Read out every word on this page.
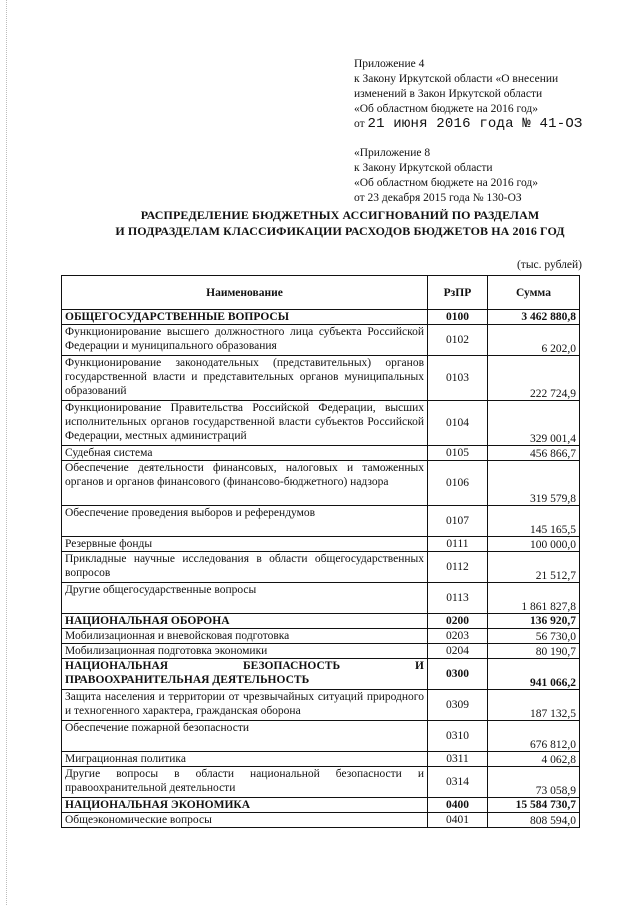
Приложение 4
к Закону Иркутской области «О внесении
изменений в Закон Иркутской области
«Об областном бюджете на 2016 год»
от 21 июня 2016 года № 41-ОЗ
«Приложение 8
к Закону Иркутской области
«Об областном бюджете на 2016 год»
от 23 декабря 2015 года № 130-ОЗ
РАСПРЕДЕЛЕНИЕ БЮДЖЕТНЫХ АССИГНОВАНИЙ ПО РАЗДЕЛАМ
И ПОДРАЗДЕЛАМ КЛАССИФИКАЦИИ РАСХОДОВ БЮДЖЕТОВ НА 2016 ГОД
(тыс. рублей)
Наименование	РзПР	Сумма
ОБЩЕГОСУДАРСТВЕННЫЕ ВОПРОСЫ	0100	3 462 880,8
Функционирование высшего должностного лица субъекта Российской Федерации и муниципального образования	0102	6 202,0
Функционирование законодательных (представительных) органов государственной власти и представительных органов муниципальных образований	0103	222 724,9
Функционирование Правительства Российской Федерации, высших исполнительных органов государственной власти субъектов Российской Федерации, местных администраций	0104	329 001,4
Судебная система	0105	456 866,7
Обеспечение деятельности финансовых, налоговых и таможенных органов и органов финансового (финансово-бюджетного) надзора	0106	319 579,8
Обеспечение проведения выборов и референдумов	0107	145 165,5
Резервные фонды	0111	100 000,0
Прикладные научные исследования в области общегосударственных вопросов	0112	21 512,7
Другие общегосударственные вопросы	0113	1 861 827,8
НАЦИОНАЛЬНАЯ ОБОРОНА	0200	136 920,7
Мобилизационная и вневойсковая подготовка	0203	56 730,0
Мобилизационная подготовка экономики	0204	80 190,7
НАЦИОНАЛЬНАЯ БЕЗОПАСНОСТЬ И ПРАВООХРАНИТЕЛЬНАЯ ДЕЯТЕЛЬНОСТЬ	0300	941 066,2
Защита населения и территории от чрезвычайных ситуаций природного и техногенного характера, гражданская оборона	0309	187 132,5
Обеспечение пожарной безопасности	0310	676 812,0
Миграционная политика	0311	4 062,8
Другие вопросы в области национальной безопасности и правоохранительной деятельности	0314	73 058,9
НАЦИОНАЛЬНАЯ ЭКОНОМИКА	0400	15 584 730,7
Общеэкономические вопросы	0401	808 594,0
